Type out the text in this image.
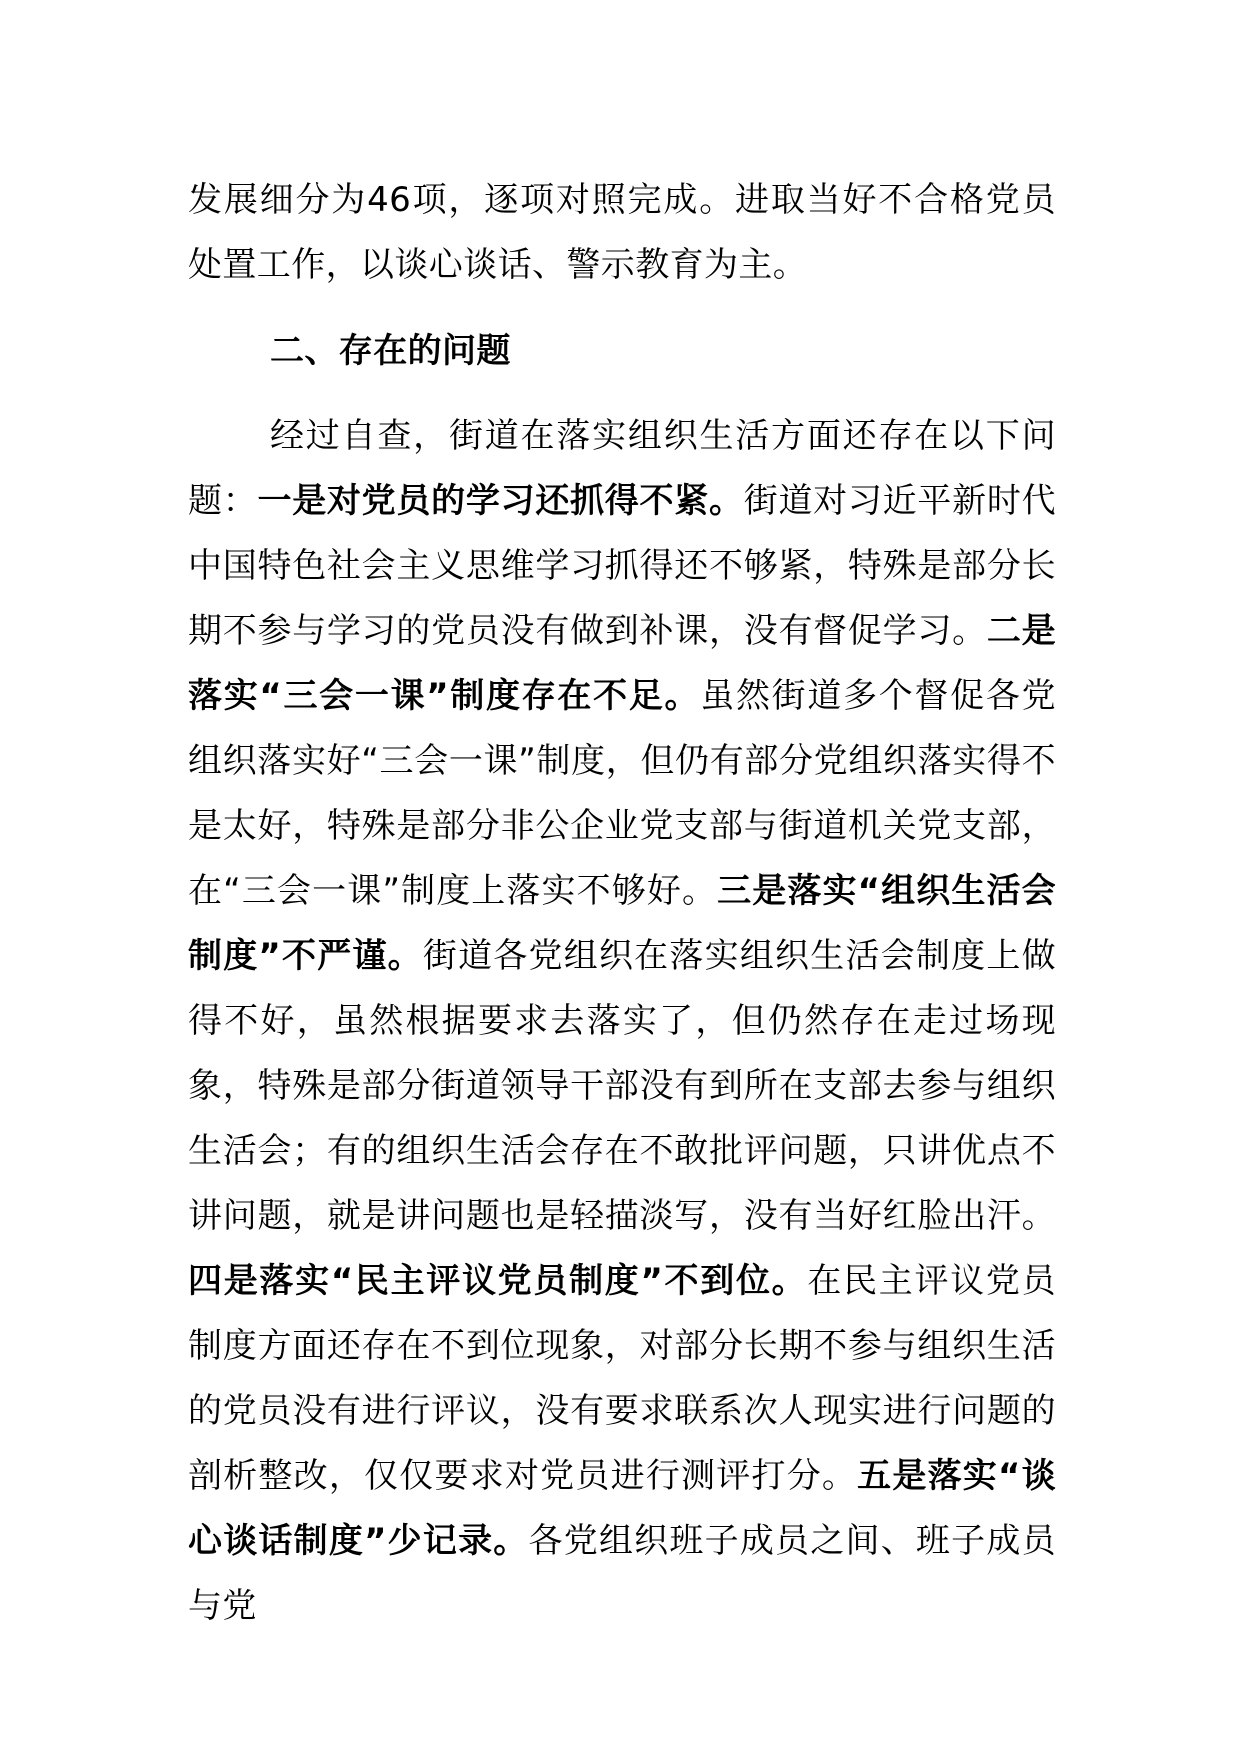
发展细分为46项，逐项对照完成。进取当好不合格党员处置工作，以谈心谈话、警示教育为主。

二、存在的问题

经过自查，街道在落实组织生活方面还存在以下问题：一是对党员的学习还抓得不紧。街道对习近平新时代中国特色社会主义思维学习抓得还不够紧，特殊是部分长期不参与学习的党员没有做到补课，没有督促学习。二是落实“三会一课”制度存在不足。虽然街道多个督促各党组织落实好“三会一课”制度，但仍有部分党组织落实得不是太好，特殊是部分非公企业党支部与街道机关党支部，在“三会一课”制度上落实不够好。三是落实“组织生活会制度”不严谨。街道各党组织在落实组织生活会制度上做得不好，虽然根据要求去落实了，但仍然存在走过场现象，特殊是部分街道领导干部没有到所在支部去参与组织生活会；有的组织生活会存在不敢批评问题，只讲优点不讲问题，就是讲问题也是轻描淡写，没有当好红脸出汗。四是落实“民主评议党员制度”不到位。在民主评议党员制度方面还存在不到位现象，对部分长期不参与组织生活的党员没有进行评议，没有要求联系次人现实进行问题的剖析整改，仅仅要求对党员进行测评打分。五是落实“谈心谈话制度”少记录。各党组织班子成员之间、班子成员与党
